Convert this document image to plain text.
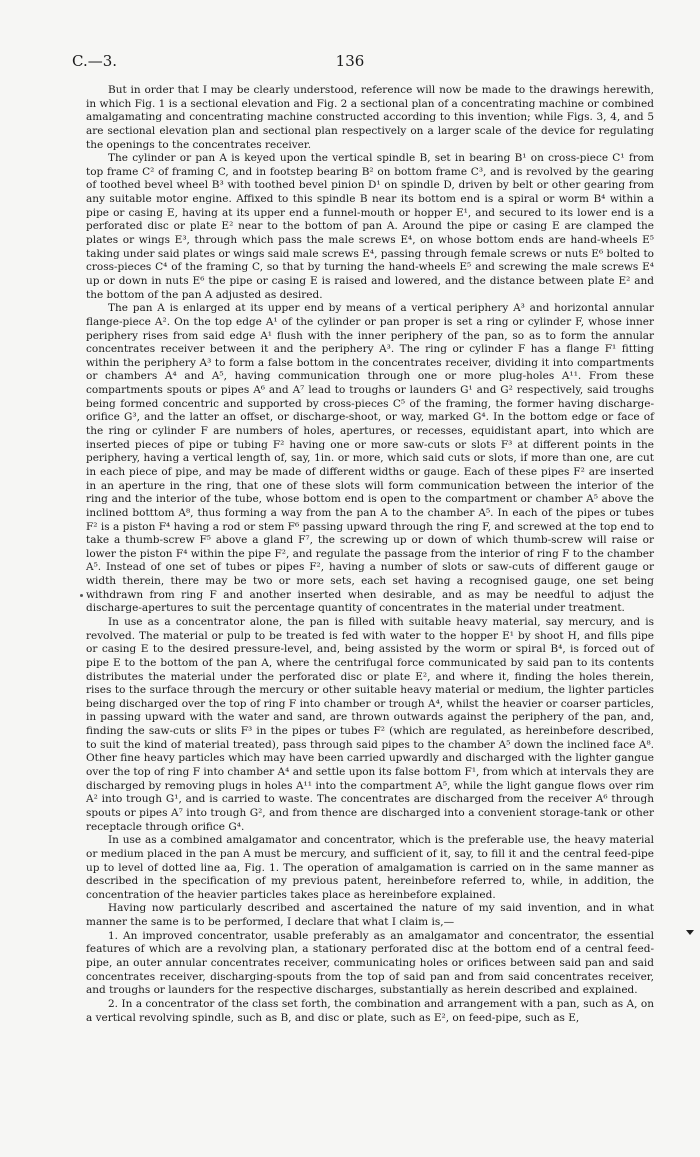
C.—3.	136

But in order that I may be clearly understood, reference will now be made to the drawings herewith, in which Fig. 1 is a sectional elevation and Fig. 2 a sectional plan of a concentrating machine or combined amalgamating and concentrating machine constructed according to this invention; while Figs. 3, 4, and 5 are sectional elevation plan and sectional plan respectively on a larger scale of the device for regulating the openings to the concentrates receiver.

The cylinder or pan A is keyed upon the vertical spindle B, set in bearing B¹ on cross-piece C¹ from top frame C² of framing C, and in footstep bearing B² on bottom frame C³, and is revolved by the gearing of toothed bevel wheel B³ with toothed bevel pinion D¹ on spindle D, driven by belt or other gearing from any suitable motor engine. Affixed to this spindle B near its bottom end is a spiral or worm B⁴ within a pipe or casing E, having at its upper end a funnel-mouth or hopper E¹, and secured to its lower end is a perforated disc or plate E² near to the bottom of pan A. Around the pipe or casing E are clamped the plates or wings E³, through which pass the male screws E⁴, on whose bottom ends are hand-wheels E⁵ taking under said plates or wings said male screws E⁴, passing through female screws or nuts E⁶ bolted to cross-pieces C⁴ of the framing C, so that by turning the hand-wheels E⁵ and screwing the male screws E⁴ up or down in nuts E⁶ the pipe or casing E is raised and lowered, and the distance between plate E² and the bottom of the pan A adjusted as desired.

The pan A is enlarged at its upper end by means of a vertical periphery A³ and horizontal annular flange-piece A². On the top edge A¹ of the cylinder or pan proper is set a ring or cylinder F, whose inner periphery rises from said edge A¹ flush with the inner periphery of the pan, so as to form the annular concentrates receiver between it and the periphery A³. The ring or cylinder F has a flange F¹ fitting within the periphery A³ to form a false bottom in the concentrates receiver, dividing it into compartments or chambers A⁴ and A⁵, having communication through one or more plug-holes A¹¹. From these compartments spouts or pipes A⁶ and A⁷ lead to troughs or launders G¹ and G² respectively, said troughs being formed concentric and supported by cross-pieces C⁵ of the framing, the former having discharge-orifice G³, and the latter an offset, or discharge-shoot, or way, marked G⁴. In the bottom edge or face of the ring or cylinder F are numbers of holes, apertures, or recesses, equidistant apart, into which are inserted pieces of pipe or tubing F² having one or more saw-cuts or slots F³ at different points in the periphery, having a vertical length of, say, 1in. or more, which said cuts or slots, if more than one, are cut in each piece of pipe, and may be made of different widths or gauge. Each of these pipes F² are inserted in an aperture in the ring, that one of these slots will form communication between the interior of the ring and the interior of the tube, whose bottom end is open to the compartment or chamber A⁵ above the inclined botttom A⁸, thus forming a way from the pan A to the chamber A⁵. In each of the pipes or tubes F² is a piston F⁴ having a rod or stem F⁶ passing upward through the ring F, and screwed at the top end to take a thumb-screw F⁵ above a gland F⁷, the screwing up or down of which thumb-screw will raise or lower the piston F⁴ within the pipe F², and regulate the passage from the interior of ring F to the chamber A⁵. Instead of one set of tubes or pipes F², having a number of slots or saw-cuts of different gauge or width therein, there may be two or more sets, each set having a recognised gauge, one set being withdrawn from ring F and another inserted when desirable, and as may be needful to adjust the discharge-apertures to suit the percentage quantity of concentrates in the material under treatment.

In use as a concentrator alone, the pan is filled with suitable heavy material, say mercury, and is revolved. The material or pulp to be treated is fed with water to the hopper E¹ by shoot H, and fills pipe or casing E to the desired pressure-level, and, being assisted by the worm or spiral B⁴, is forced out of pipe E to the bottom of the pan A, where the centrifugal force communicated by said pan to its contents distributes the material under the perforated disc or plate E², and where it, finding the holes therein, rises to the surface through the mercury or other suitable heavy material or medium, the lighter particles being discharged over the top of ring F into chamber or trough A⁴, whilst the heavier or coarser particles, in passing upward with the water and sand, are thrown outwards against the periphery of the pan, and, finding the saw-cuts or slits F³ in the pipes or tubes F² (which are regulated, as hereinbefore described, to suit the kind of material treated), pass through said pipes to the chamber A⁵ down the inclined face A⁸. Other fine heavy particles which may have been carried upwardly and discharged with the lighter gangue over the top of ring F into chamber A⁴ and settle upon its false bottom F¹, from which at intervals they are discharged by removing plugs in holes A¹¹ into the compartment A⁵, while the light gangue flows over rim A² into trough G¹, and is carried to waste. The concentrates are discharged from the receiver A⁶ through spouts or pipes A⁷ into trough G², and from thence are discharged into a convenient storage-tank or other receptacle through orifice G⁴.

In use as a combined amalgamator and concentrator, which is the preferable use, the heavy material or medium placed in the pan A must be mercury, and sufficient of it, say, to fill it and the central feed-pipe up to level of dotted line aa, Fig. 1. The operation of amalgamation is carried on in the same manner as described in the specification of my previous patent, hereinbefore referred to, while, in addition, the concentration of the heavier particles takes place as hereinbefore explained.

Having now particularly described and ascertained the nature of my said invention, and in what manner the same is to be performed, I declare that what I claim is,—

1. An improved concentrator, usable preferably as an amalgamator and concentrator, the essential features of which are a revolving plan, a stationary perforated disc at the bottom end of a central feed-pipe, an outer annular concentrates receiver, communicating holes or orifices between said pan and said concentrates receiver, discharging-spouts from the top of said pan and from said concentrates receiver, and troughs or launders for the respective discharges, substantially as herein described and explained.

2. In a concentrator of the class set forth, the combination and arrangement with a pan, such as A, on a vertical revolving spindle, such as B, and disc or plate, such as E², on feed-pipe, such as E,
